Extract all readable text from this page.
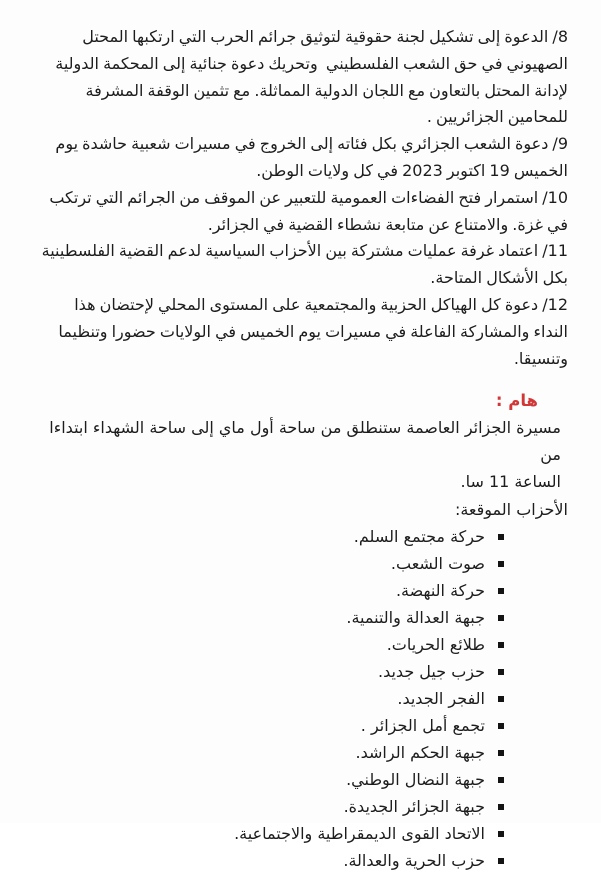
8/ الدعوة إلى تشكيل لجنة حقوقية لتوثيق جرائم الحرب التي ارتكبها المحتل الصهيوني في حق الشعب الفلسطيني  وتحريك دعوة جنائية إلى المحكمة الدولية لإدانة المحتل بالتعاون مع اللجان الدولية المماثلة. مع تثمين الوقفة المشرفة للمحامين الجزائريين .

9/ دعوة الشعب الجزائري بكل فئاته إلى الخروج في مسيرات شعبية حاشدة يوم الخميس 19 اكتوبر 2023 في كل ولايات الوطن.

10/ استمرار فتح الفضاءات العمومية للتعبير عن الموقف من الجرائم التي ترتكب في غزة. والامتناع عن متابعة نشطاء القضية في الجزائر.

11/ اعتماد غرفة عمليات مشتركة بين الأحزاب السياسية لدعم القضية الفلسطينية بكل الأشكال المتاحة.

12/ دعوة كل الهياكل الحزبية والمجتمعية على المستوى المحلي لإحتضان هذا النداء والمشاركة الفاعلة في مسيرات يوم الخميس في الولايات حضورا وتنظيما وتنسيقا.

هام :

مسيرة الجزائر العاصمة ستنطلق من ساحة أول ماي إلى ساحة الشهداء ابتداءا من

الساعة 11 سا.

الأحزاب الموقعة:

حركة مجتمع السلم.
صوت الشعب.
حركة النهضة.
جبهة العدالة والتنمية.
طلائع الحريات.
حزب جيل جديد.
الفجر الجديد.
تجمع أمل الجزائر .
جبهة الحكم الراشد.
جبهة النضال الوطني.
جبهة الجزائر الجديدة.
الاتحاد القوى الديمقراطية والاجتماعية.
حزب الحرية والعدالة.
